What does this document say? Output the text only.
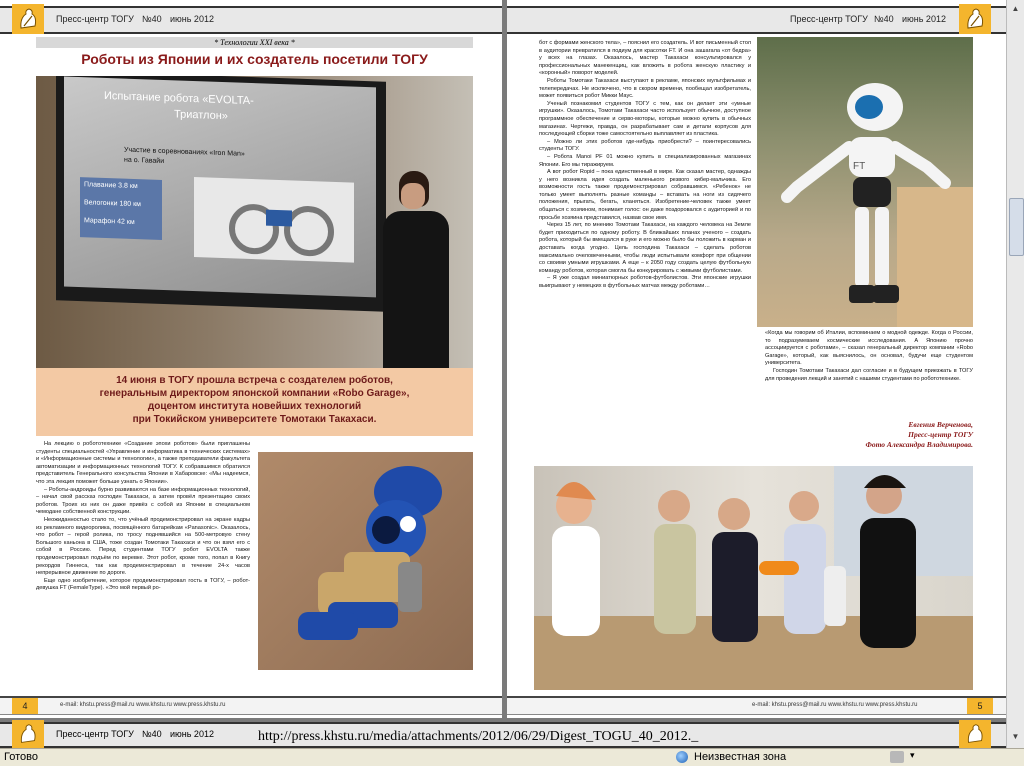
Пресс-центр ТОГУ №40 июнь 2012
* Технологии XXI века *
Роботы из Японии и их создатель посетили ТОГУ
Испытание робота «EVOLTA-
Триатлон»
Участие в соревнованиях «Iron Man»
на о. Гавайи
Плавание 3.8 км
Велогонки 180 км
Марафон 42 км
14 июня в ТОГУ прошла встреча с создателем роботов,
генеральным директором японской компании «Robo Garage»,
доцентом института новейших технологий
при Токийском университете Томотаки Такахаси.

На лекцию о робототехнике «Создание эпохи роботов» были приглашены студенты специальностей «Управление и информатика в технических системах» и «Информационные системы и технологии», а также преподаватели факультета автоматизации и информационных технологий ТОГУ. К собравшимся обратился представитель Генерального консульства Японии в Хабаровске: «Мы надеемся, что эта лекция поможет больше узнать о Японии».

– Роботы-андроиды бурно развиваются на базе информационных технологий, – начал свой рассказ господин Такахаси, а затем провёл презентацию своих роботов. Троих из них он даже привёз с собой из Японии в специальном чемодане собственной конструкции.

Неожиданностью стало то, что учёный продемонстрировал на экране кадры из рекламного видеоролика, посвящённого батарейкам «Panasonic». Оказалось, что робот – герой ролика, по тросу поднявшийся на 500-метровую стену Большого каньона в США, тоже создан Томотаки Такахаси и что он взял его с собой в Россию. Перед студентами ТОГУ робот EVOLTA также продемонстрировал подъём по веревке. Этот робот, кроме того, попал в Книгу рекордов Гиннеса, так как продемонстрировал в течение 24-х часов непрерывное движение по дороге.

Еще одно изобретение, которое продемонстрировал гость в ТОГУ, – робот-девушка FT (FemaleType). «Это мой первый ро-

4	e-mail: khstu.press@mail.ru www.khstu.ru www.press.khstu.ru
Пресс-центр ТОГУ №40 июнь 2012

бот с формами женского тела», – пояснил его создатель. И вот письменный стол в аудитории превратился в подиум для красотки FT. И она зашагала «от бедра» у всех на глазах. Оказалось, мастер Такахаси консультировался у профессиональных манекенщиц, как вложить в робота женскую пластику и «коронный» поворот моделей.

Роботы Томотаки Такахаси выступают в рекламе, японских мультфильмах и телепередачах. Не исключено, что в скором времени, пообещал изобретатель, может появиться робот Микки Маус.

Ученый познакомил студентов ТОГУ с тем, как он делает эти «умные игрушки». Оказалось, Томотаки Такахаси часто использует обычное, доступное программное обеспечение и серво-моторы, которые можно купить в обычных магазинах. Чертежи, правда, он разрабатывает сам и детали корпусов для последующей сборки тоже самостоятельно выплавляет из пластика.

– Можно ли этих роботов где-нибудь приобрести? – поинтересовались студенты ТОГУ.

– Робота Manoi PF 01 можно купить в специализированных магазинах Японии. Его мы тиражируем.

А вот робот Ropid – пока единственный в мире. Как сказал мастер, однажды у него возникла идея создать маленького резвого кибер-мальчика. Его возможности гость также продемонстрировал собравшимся. «Ребенок» не только умеет выполнять разные команды – вставать на ноги из сидячего положения, прыгать, бегать, кланяться. Изобретение-человек также умеет общаться с хозяином, понимает голос: он даже поздоровался с аудиторией и по просьбе хозяина представился, назвав свое имя.

Через 15 лет, по мнению Томотаки Такахаси, на каждого человека на Земле будет приходиться по одному роботу. В ближайших планах ученого – создать робота, который бы вмещался в руке и его можно было бы положить в карман и доставать когда угодно. Цель господина Такахаси – сделать роботов максимально очеловеченными, чтобы люди испытывали комфорт при общении со своими умными игрушками. А еще – к 2050 году создать целую футбольную команду роботов, которая смогла бы конкурировать с живыми футболистами.

– Я уже создал миниатюрных роботов-футболистов. Эти японские игрушки выигрывают у немецких в футбольных матчах между роботами…

FT

«Когда мы говорим об Италии, вспоминаем о модной одежде. Когда о России, то подразумеваем космические исследования. А Японию прочно ассоциируется с роботами», – сказал генеральный директор компании «Robo Garage», который, как выяснилось, он основал, будучи еще студентом университета.

Господин Томотаки Такахаси дал согласие и в будущем приезжать в ТОГУ для проведения лекций и занятий с нашими студентами по робототехнике.

Евгения Верченова,
Пресс-центр ТОГУ
Фото Александра Владимирова.
e-mail: khstu.press@mail.ru www.khstu.ru www.press.khstu.ru	5
Пресс-центр ТОГУ №40 июнь 2012	http://press.khstu.ru/media/attachments/2012/06/29/Digest_TOGU_40_2012._
▲
▼
Готово	Неизвестная зона	▾
